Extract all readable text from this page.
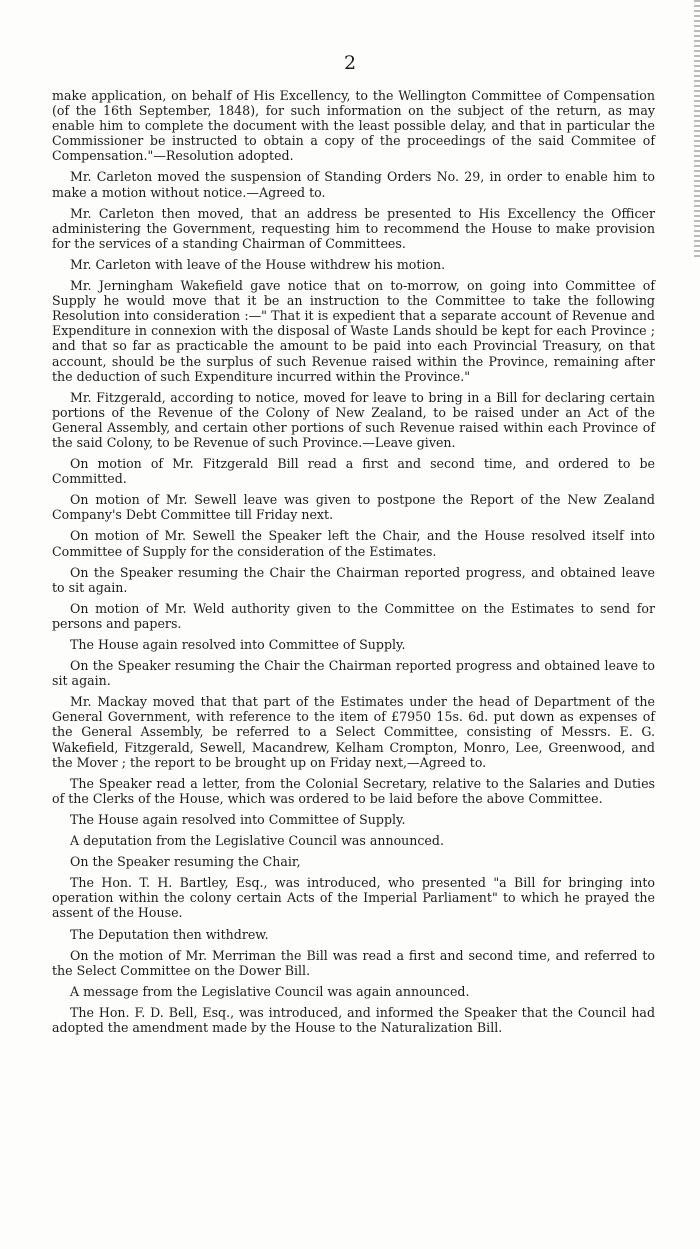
2

make application, on behalf of His Excellency, to the Wellington Committee of Compensation (of the 16th September, 1848), for such information on the subject of the return, as may enable him to complete the document with the least possible delay, and that in particular the Commissioner be instructed to obtain a copy of the proceedings of the said Commitee of Compensation."—Resolution adopted.

Mr. Carleton moved the suspension of Standing Orders No. 29, in order to enable him to make a motion without notice.—Agreed to.

Mr. Carleton then moved, that an address be presented to His Excellency the Officer administering the Government, requesting him to recommend the House to make provision for the services of a standing Chairman of Committees.

Mr. Carleton with leave of the House withdrew his motion.

Mr. Jerningham Wakefield gave notice that on to-morrow, on going into Committee of Supply he would move that it be an instruction to the Committee to take the following Resolution into consideration :—" That it is expedient that a separate account of Revenue and Expenditure in connexion with the disposal of Waste Lands should be kept for each Province ; and that so far as practicable the amount to be paid into each Provincial Treasury, on that account, should be the surplus of such Revenue raised within the Province, remaining after the deduction of such Expenditure incurred within the Province."

Mr. Fitzgerald, according to notice, moved for leave to bring in a Bill for declaring certain portions of the Revenue of the Colony of New Zealand, to be raised under an Act of the General Assembly, and certain other portions of such Revenue raised within each Province of the said Colony, to be Revenue of such Province.—Leave given.

On motion of Mr. Fitzgerald Bill read a first and second time, and ordered to be Committed.

On motion of Mr. Sewell leave was given to postpone the Report of the New Zealand Company's Debt Committee till Friday next.

On motion of Mr. Sewell the Speaker left the Chair, and the House resolved itself into Committee of Supply for the consideration of the Estimates.

On the Speaker resuming the Chair the Chairman reported progress, and obtained leave to sit again.

On motion of Mr. Weld authority given to the Committee on the Estimates to send for persons and papers.

The House again resolved into Committee of Supply.

On the Speaker resuming the Chair the Chairman reported progress and obtained leave to sit again.

Mr. Mackay moved that that part of the Estimates under the head of Department of the General Government, with reference to the item of £7950 15s. 6d. put down as expenses of the General Assembly, be referred to a Select Committee, consisting of Messrs. E. G. Wakefield, Fitzgerald, Sewell, Macandrew, Kelham Crompton, Monro, Lee, Greenwood, and the Mover ; the report to be brought up on Friday next,—Agreed to.

The Speaker read a letter, from the Colonial Secretary, relative to the Salaries and Duties of the Clerks of the House, which was ordered to be laid before the above Committee.

The House again resolved into Committee of Supply.

A deputation from the Legislative Council was announced.

On the Speaker resuming the Chair,

The Hon. T. H. Bartley, Esq., was introduced, who presented "a Bill for bringing into operation within the colony certain Acts of the Imperial Parliament" to which he prayed the assent of the House.

The Deputation then withdrew.

On the motion of Mr. Merriman the Bill was read a first and second time, and referred to the Select Committee on the Dower Bill.

A message from the Legislative Council was again announced.

The Hon. F. D. Bell, Esq., was introduced, and informed the Speaker that the Council had adopted the amendment made by the House to the Naturalization Bill.
